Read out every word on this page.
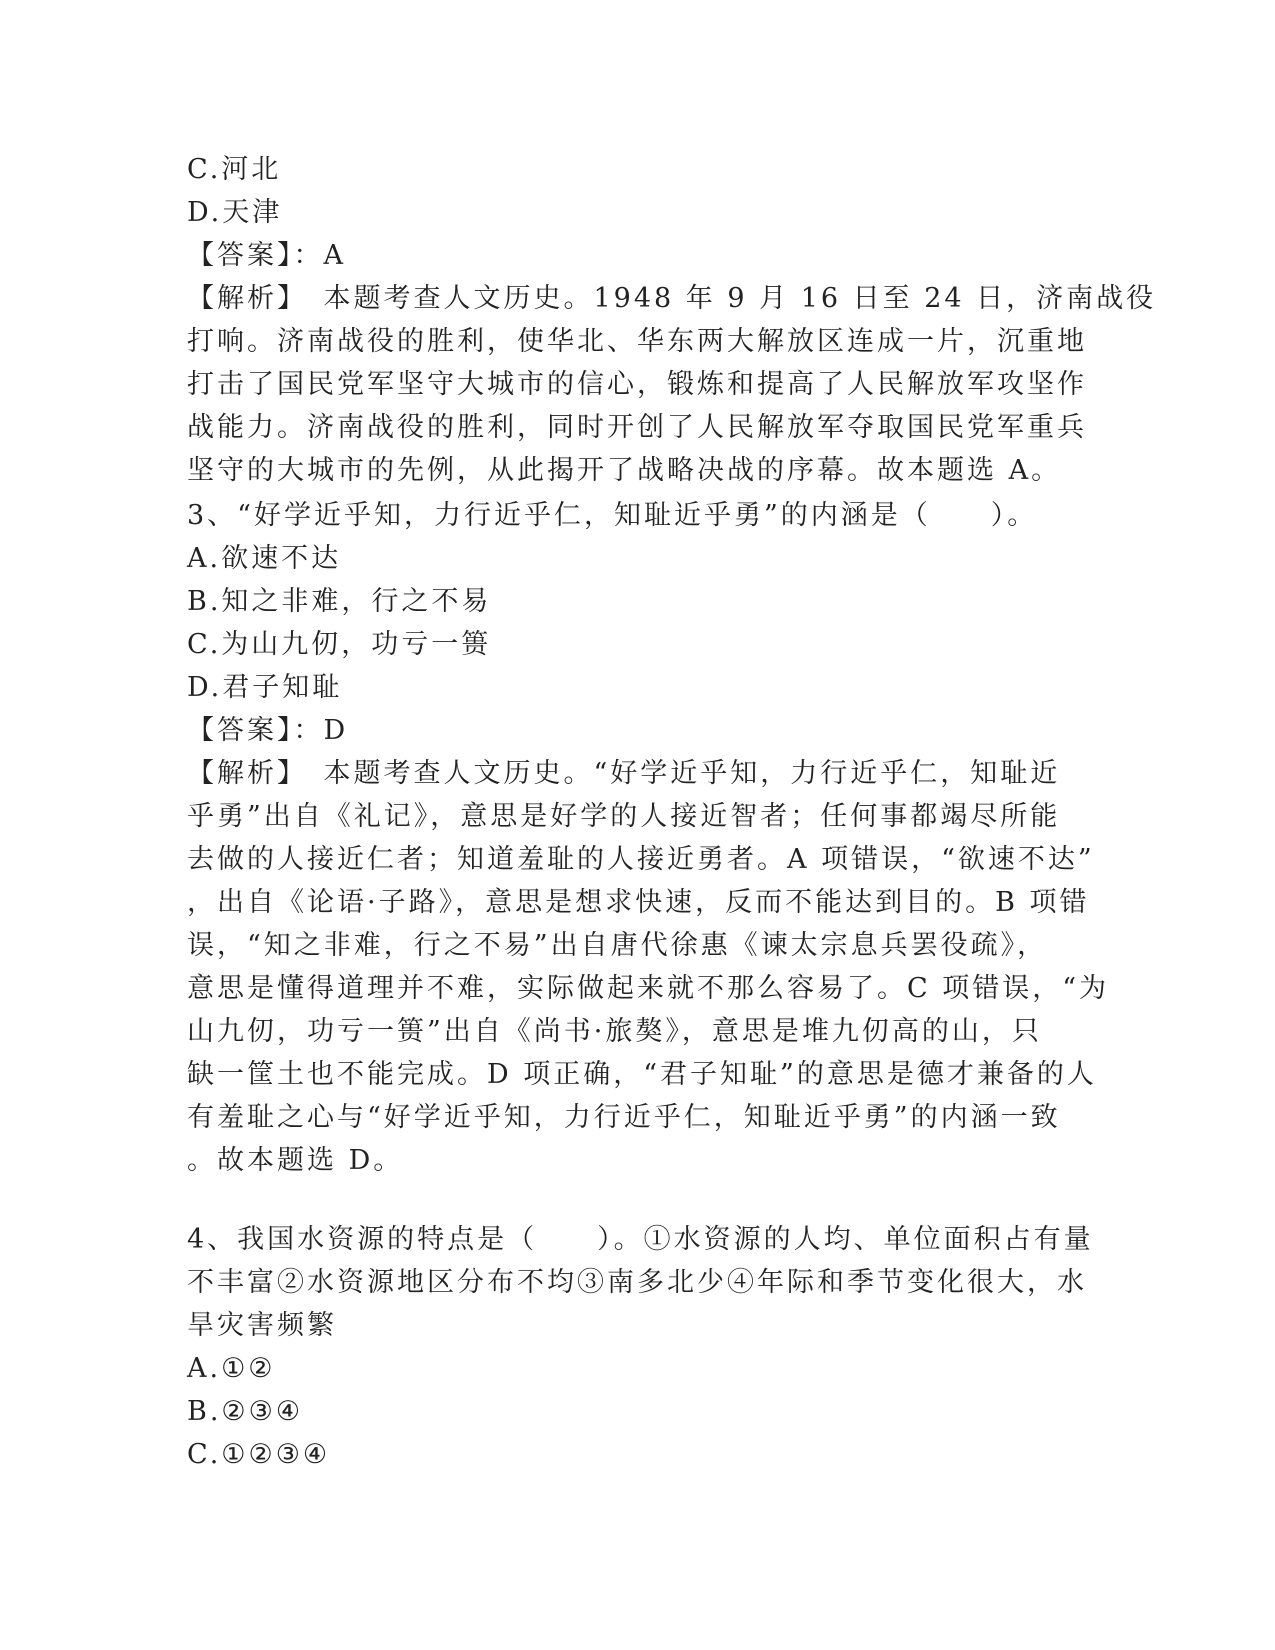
C.河北
D.天津
【答案】：A
【解析】　本题考查人文历史。1948 年 9 月 16 日至 24 日，济南战役
打响。济南战役的胜利，使华北、华东两大解放区连成一片，沉重地
打击了国民党军坚守大城市的信心，锻炼和提高了人民解放军攻坚作
战能力。济南战役的胜利，同时开创了人民解放军夺取国民党军重兵
坚守的大城市的先例，从此揭开了战略决战的序幕。故本题选 A。
3、“好学近乎知，力行近乎仁，知耻近乎勇”的内涵是（　　）。
A.欲速不达
B.知之非难，行之不易
C.为山九仞，功亏一篑
D.君子知耻
【答案】：D
【解析】　本题考查人文历史。“好学近乎知，力行近乎仁，知耻近
乎勇”出自《礼记》，意思是好学的人接近智者；任何事都竭尽所能
去做的人接近仁者；知道羞耻的人接近勇者。A 项错误，“欲速不达”
，出自《论语·子路》，意思是想求快速，反而不能达到目的。B 项错
误，“知之非难，行之不易”出自唐代徐惠《谏太宗息兵罢役疏》，
意思是懂得道理并不难，实际做起来就不那么容易了。C 项错误，“为
山九仞，功亏一篑”出自《尚书·旅獒》，意思是堆九仞高的山，只
缺一筐土也不能完成。D 项正确，“君子知耻”的意思是德才兼备的人
有羞耻之心与“好学近乎知，力行近乎仁，知耻近乎勇”的内涵一致
。故本题选 D。
4、我国水资源的特点是（　　）。①水资源的人均、单位面积占有量
不丰富②水资源地区分布不均③南多北少④年际和季节变化很大，水
旱灾害频繁
A.①②
B.②③④
C.①②③④
